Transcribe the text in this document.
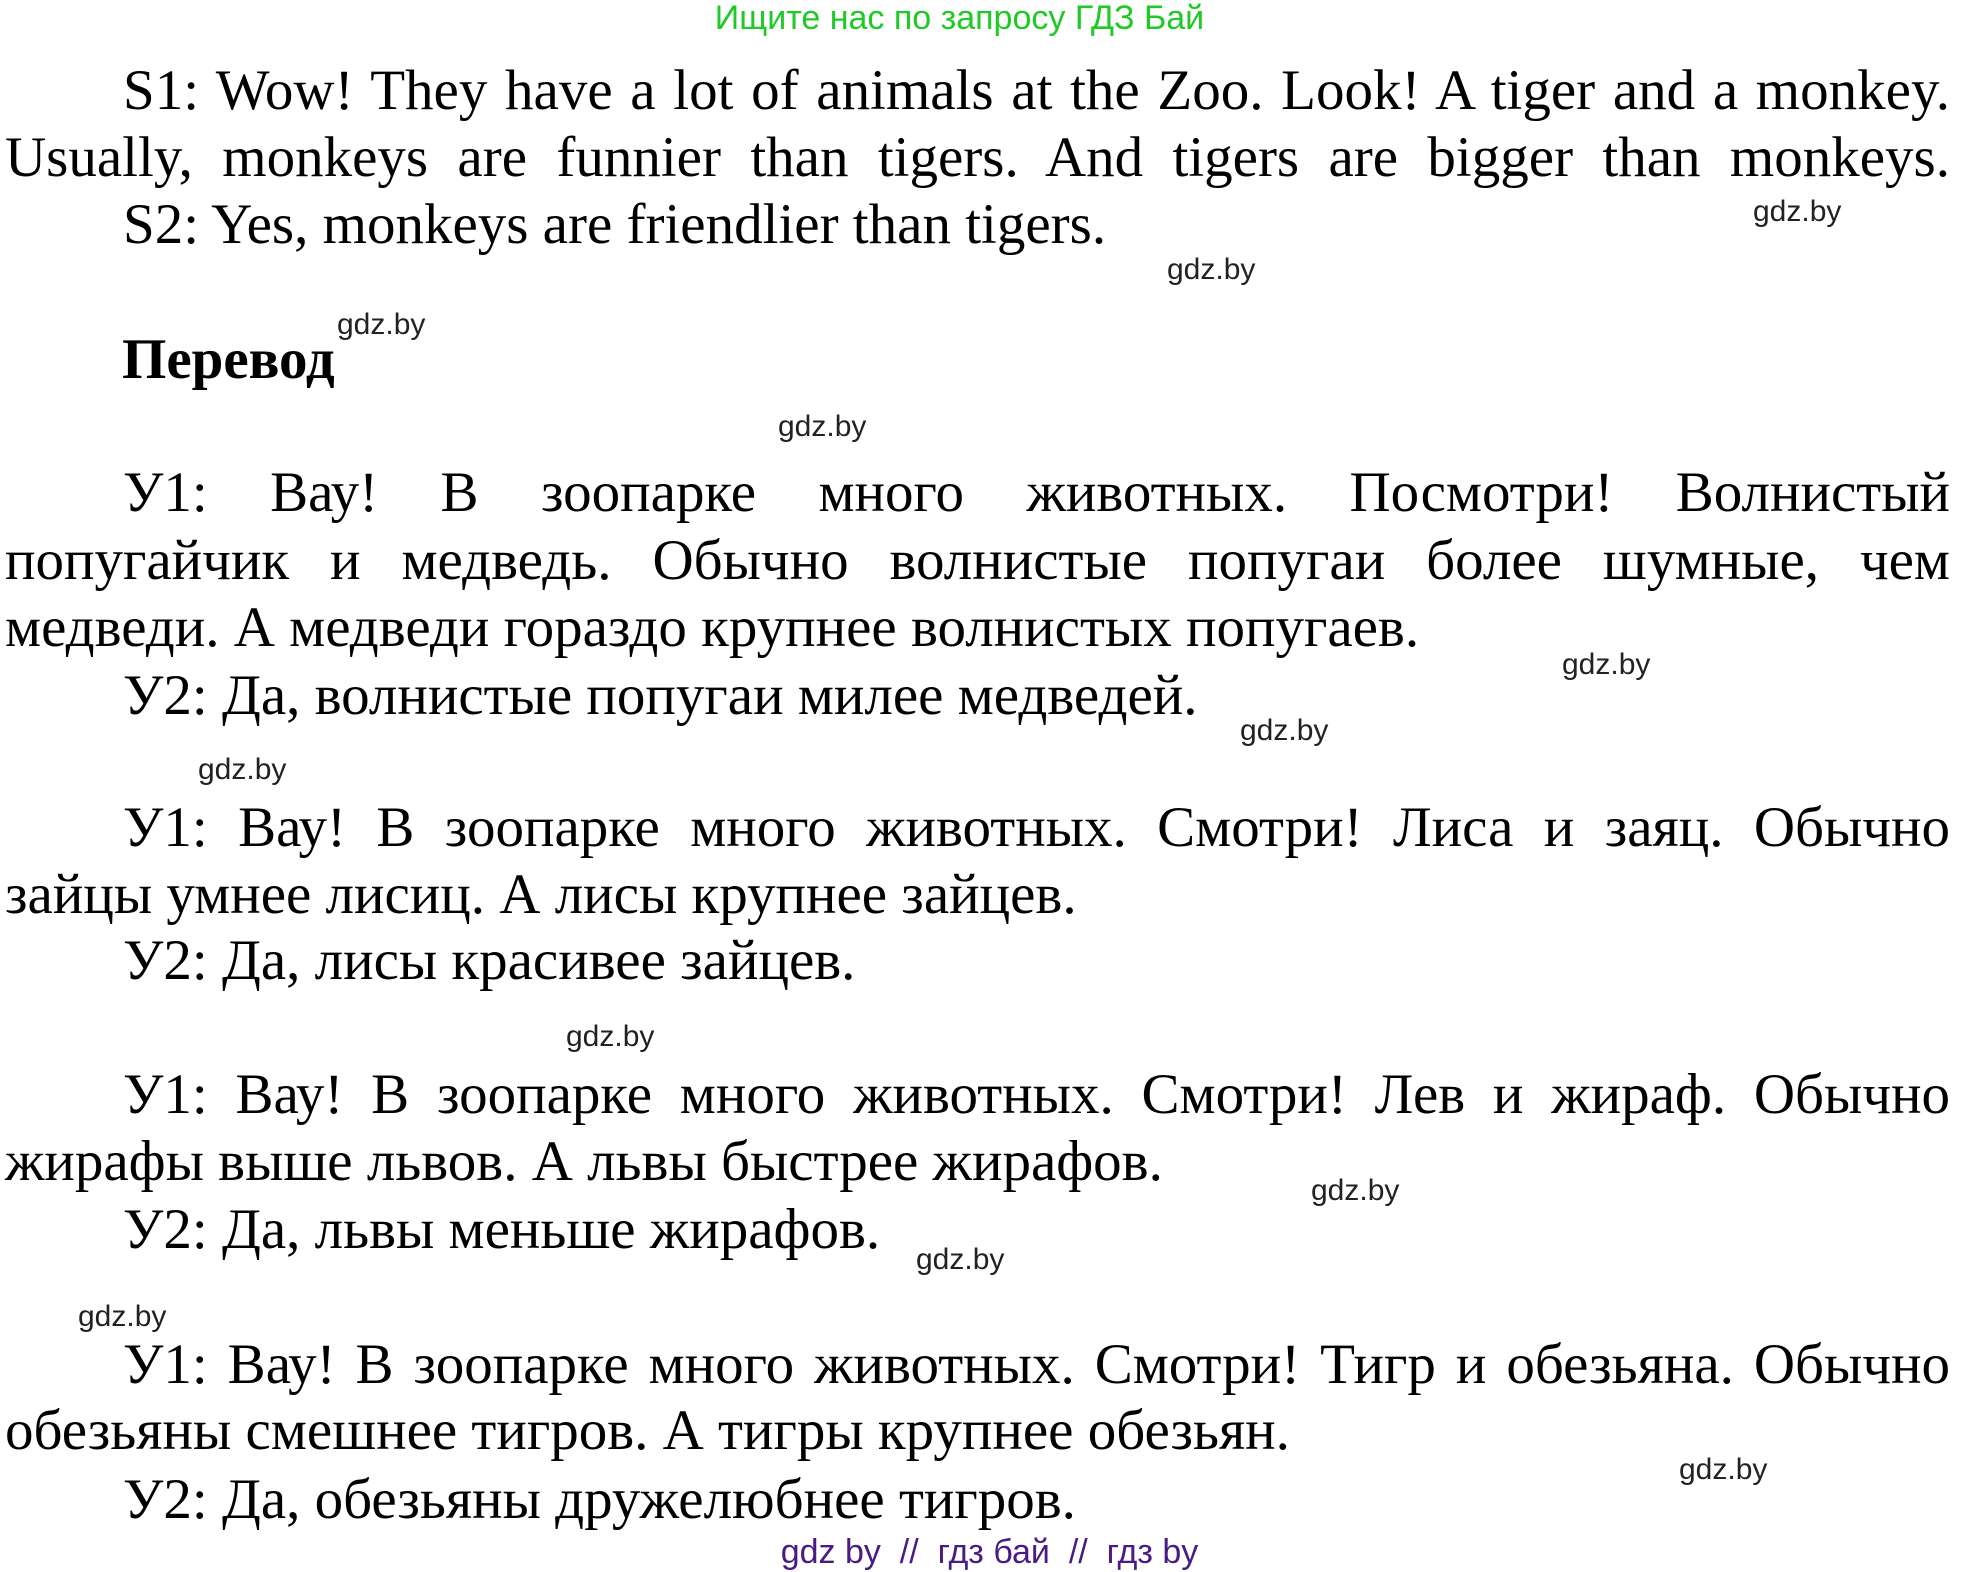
Ищите нас по запросу ГДЗ Бай
S1: Wow! They have a lot of animals at the Zoo. Look! A tiger and a monkey.
Usually, monkeys are funnier than tigers. And tigers are bigger than monkeys.
S2: Yes, monkeys are friendlier than tigers.
Перевод
У1: Вау! В зоопарке много животных. Посмотри! Волнистый
попугайчик и медведь. Обычно волнистые попугаи более шумные, чем
медведи. А медведи гораздо крупнее волнистых попугаев.
У2: Да, волнистые попугаи милее медведей.
У1: Вау! В зоопарке много животных. Смотри! Лиса и заяц. Обычно
зайцы умнее лисиц. А лисы крупнее зайцев.
У2: Да, лисы красивее зайцев.
У1: Вау! В зоопарке много животных. Смотри! Лев и жираф. Обычно
жирафы выше львов. А львы быстрее жирафов.
У2: Да, львы меньше жирафов.
У1: Вау! В зоопарке много животных. Смотри! Тигр и обезьяна. Обычно
обезьяны смешнее тигров. А тигры крупнее обезьян.
У2: Да, обезьяны дружелюбнее тигров.
gdz.by
gdz.by
gdz.by
gdz.by
gdz.by
gdz.by
gdz.by
gdz.by
gdz.by
gdz.by
gdz.by
gdz.by
gdz by  //  гдз бай  //  гдз by
